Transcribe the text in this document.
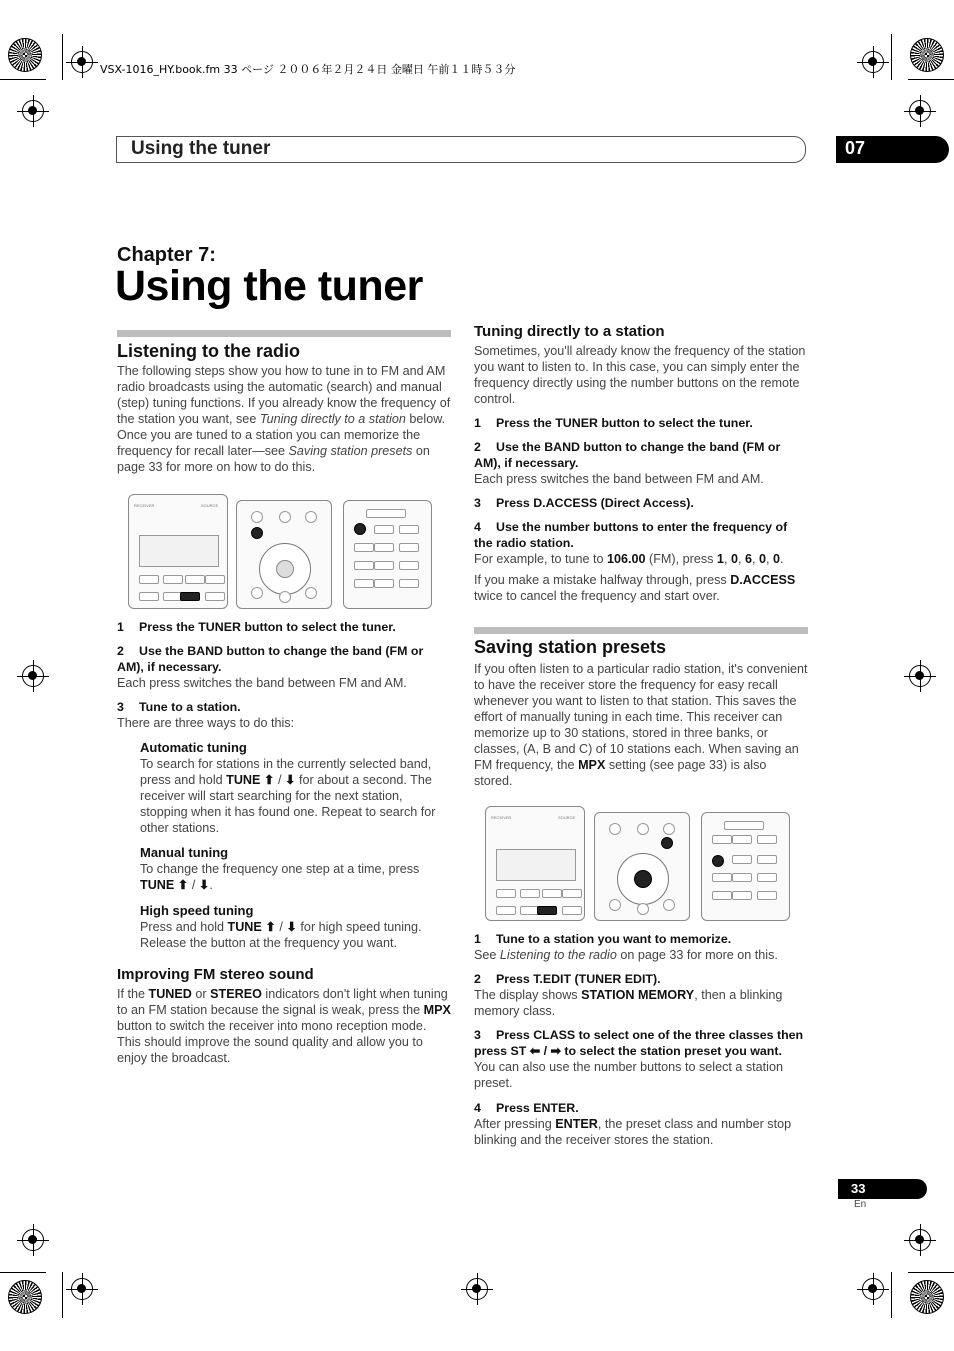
VSX-1016_HY.book.fm 33 ページ ２００６年２月２４日 金曜日 午前１１時５３分
Using the tuner	07
Chapter 7:
Using the tuner
Listening to the radio
The following steps show you how to tune in to FM and AM radio broadcasts using the automatic (search) and manual (step) tuning functions. If you already know the frequency of the station you want, see Tuning directly to a station below. Once you are tuned to a station you can memorize the frequency for recall later—see Saving station presets on page 33 for more on how to do this.
RECEIVER	SOURCE
1 Press the TUNER button to select the tuner.
2 Use the BAND button to change the band (FM or AM), if necessary.
Each press switches the band between FM and AM.
3 Tune to a station.
There are three ways to do this:
Automatic tuning
To search for stations in the currently selected band, press and hold TUNE ⬆ / ⬇ for about a second. The receiver will start searching for the next station, stopping when it has found one. Repeat to search for other stations.
Manual tuning
To change the frequency one step at a time, press TUNE ⬆ / ⬇.
High speed tuning
Press and hold TUNE ⬆ / ⬇ for high speed tuning. Release the button at the frequency you want.
Improving FM stereo sound
If the TUNED or STEREO indicators don't light when tuning to an FM station because the signal is weak, press the MPX button to switch the receiver into mono reception mode. This should improve the sound quality and allow you to enjoy the broadcast.
Tuning directly to a station
Sometimes, you'll already know the frequency of the station you want to listen to. In this case, you can simply enter the frequency directly using the number buttons on the remote control.
1 Press the TUNER button to select the tuner.
2 Use the BAND button to change the band (FM or AM), if necessary.
Each press switches the band between FM and AM.
3 Press D.ACCESS (Direct Access).
4 Use the number buttons to enter the frequency of the radio station.
For example, to tune to 106.00 (FM), press 1, 0, 6, 0, 0.
If you make a mistake halfway through, press D.ACCESS twice to cancel the frequency and start over.
Saving station presets
If you often listen to a particular radio station, it's convenient to have the receiver store the frequency for easy recall whenever you want to listen to that station. This saves the effort of manually tuning in each time. This receiver can memorize up to 30 stations, stored in three banks, or classes, (A, B and C) of 10 stations each. When saving an FM frequency, the MPX setting (see page 33) is also stored.
RECEIVER	SOURCE
1 Tune to a station you want to memorize.
See Listening to the radio on page 33 for more on this.
2 Press T.EDIT (TUNER EDIT).
The display shows STATION MEMORY, then a blinking memory class.
3 Press CLASS to select one of the three classes then press ST ⬅ / ➡ to select the station preset you want.
You can also use the number buttons to select a station preset.
4 Press ENTER.
After pressing ENTER, the preset class and number stop blinking and the receiver stores the station.
33
En
